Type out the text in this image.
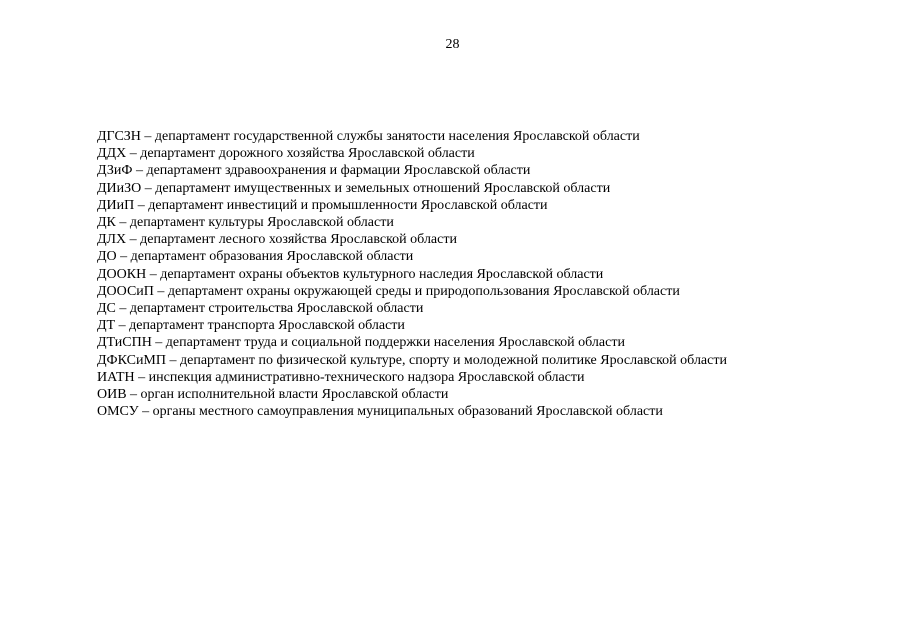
28
ДГСЗН – департамент государственной службы занятости населения Ярославской области
ДДХ – департамент дорожного хозяйства Ярославской области
ДЗиФ – департамент здравоохранения и фармации Ярославской области
ДИиЗО – департамент имущественных и земельных отношений Ярославской области
ДИиП – департамент инвестиций и промышленности Ярославской области
ДК – департамент культуры Ярославской области
ДЛХ – департамент лесного хозяйства Ярославской области
ДО – департамент образования Ярославской области
ДООКН – департамент охраны объектов культурного наследия Ярославской области
ДООСиП – департамент охраны окружающей среды и природопользования Ярославской области
ДС – департамент строительства Ярославской области
ДТ – департамент транспорта Ярославской области
ДТиСПН – департамент труда и социальной поддержки населения Ярославской области
ДФКСиМП – департамент по физической культуре, спорту и молодежной политике Ярославской области
ИАТН – инспекция административно-технического надзора Ярославской области
ОИВ – орган исполнительной власти Ярославской области
ОМСУ – органы местного самоуправления муниципальных образований Ярославской области
